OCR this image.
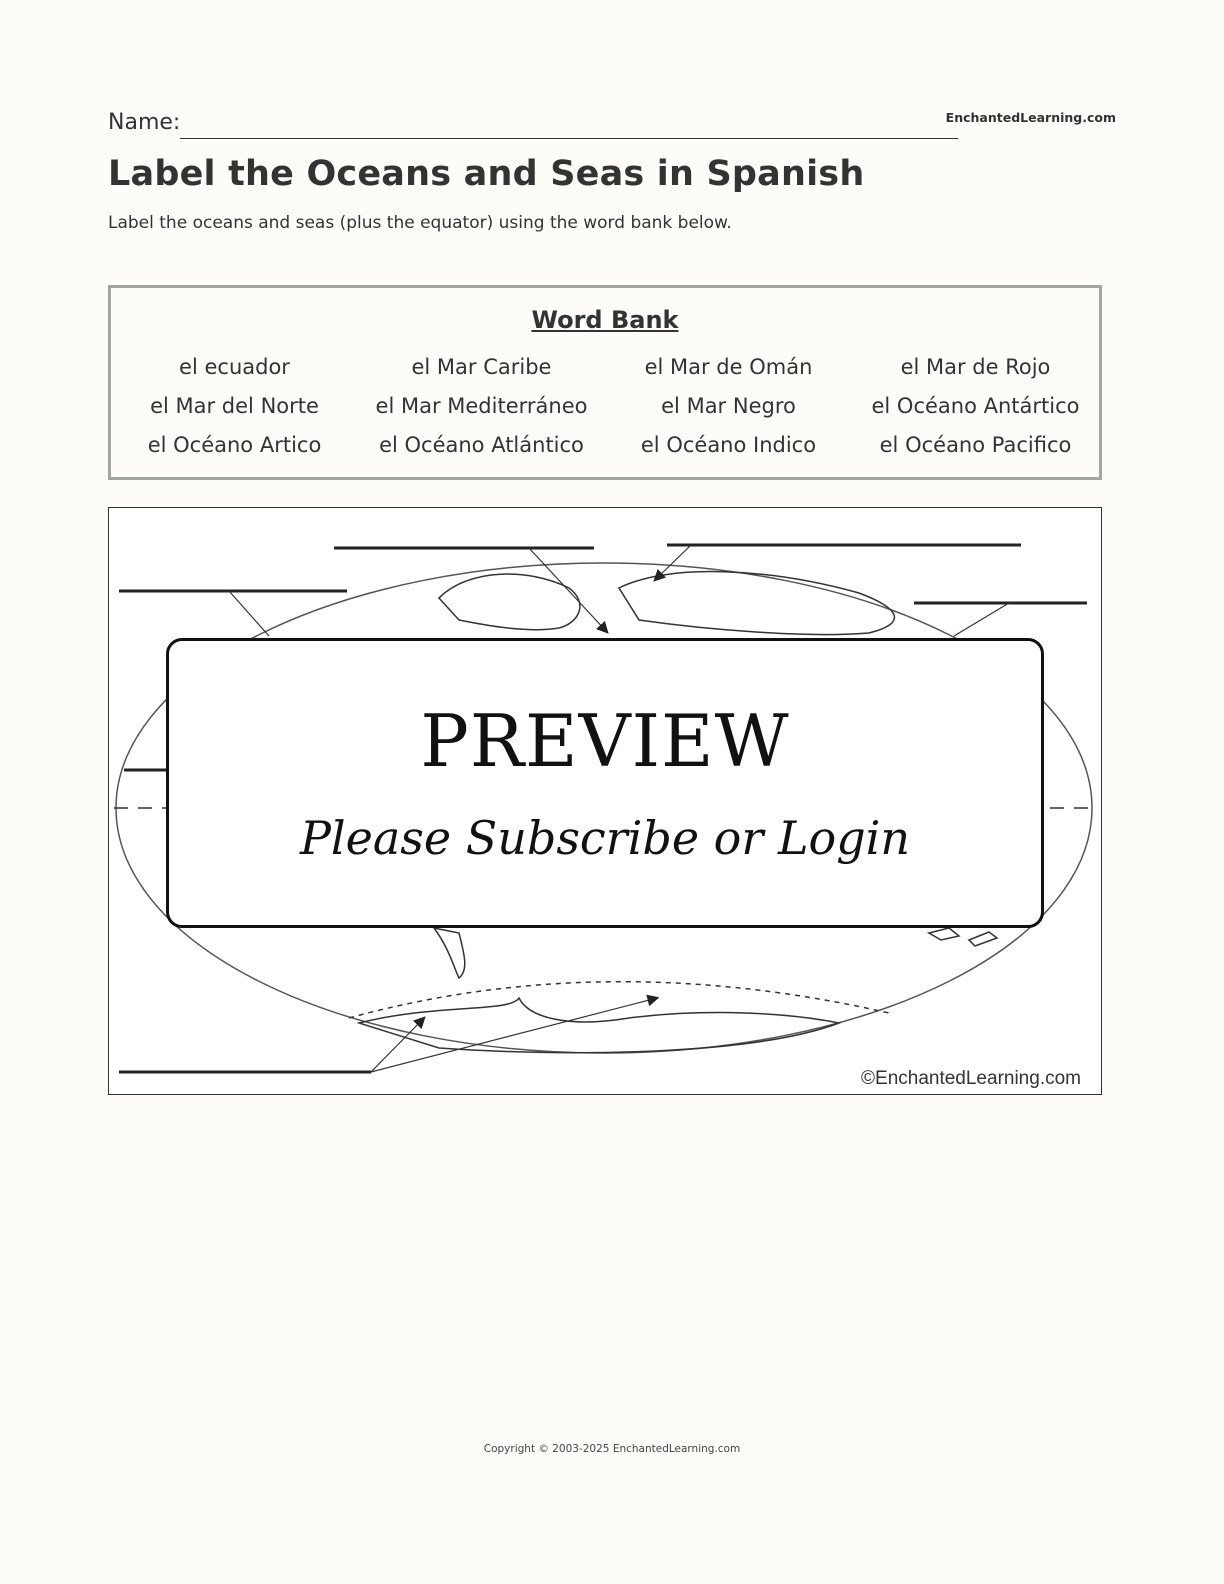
Name:	EnchantedLearning.com
Label the Oceans and Seas in Spanish

Label the oceans and seas (plus the equator) using the word bank below.

Word Bank
el ecuador	el Mar Caribe	el Mar de Omán	el Mar de Rojo
el Mar del Norte	el Mar Mediterráneo	el Mar Negro	el Océano Antártico
el Océano Artico	el Océano Atlántico	el Océano Indico	el Océano Pacifico
PREVIEW
Please Subscribe or Login
©EnchantedLearning.com
Copyright © 2003-2025 EnchantedLearning.com
